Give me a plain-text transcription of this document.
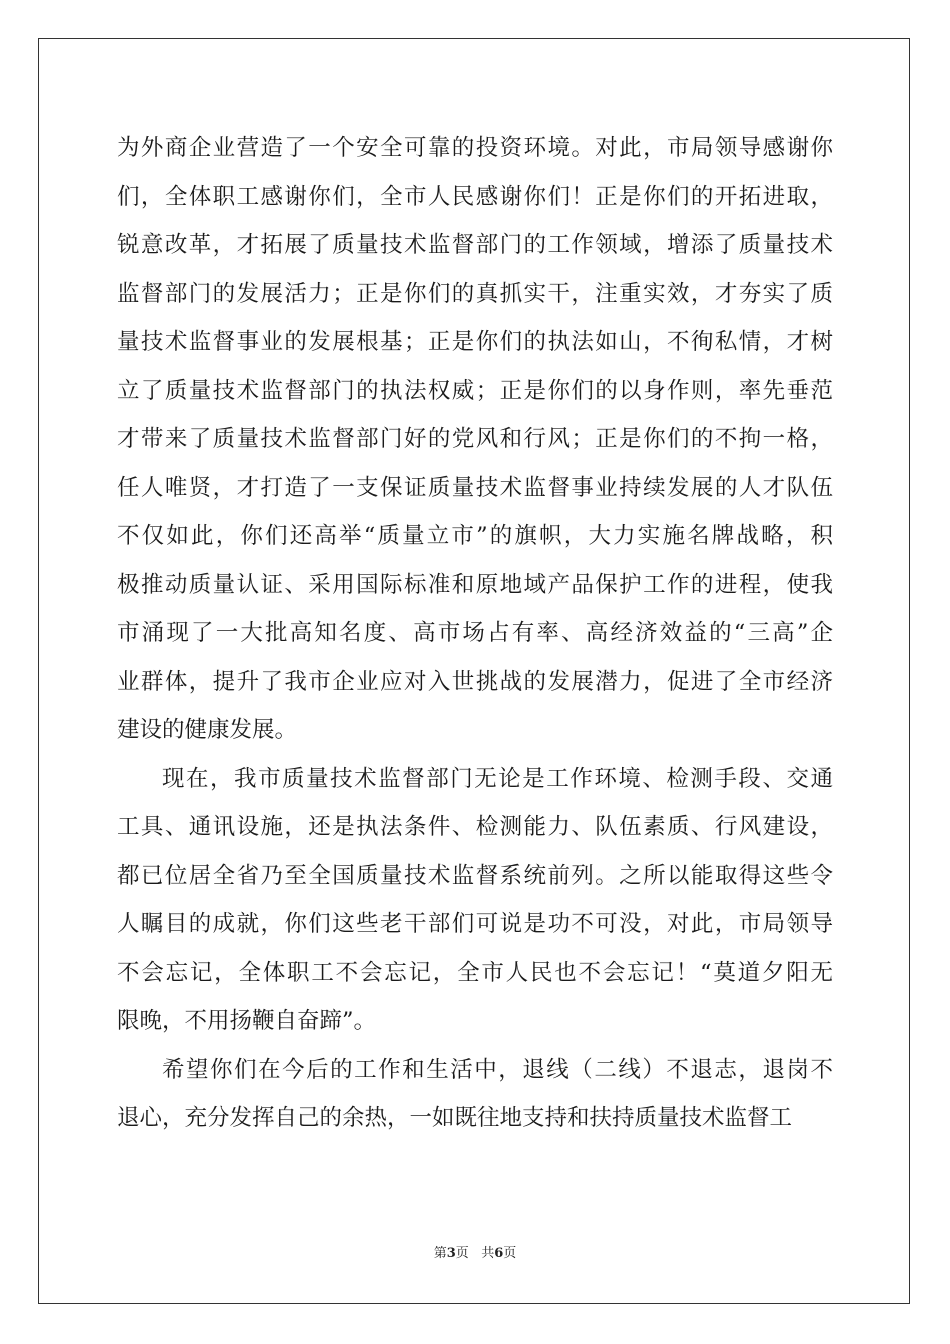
为外商企业营造了一个安全可靠的投资环境。对此，市局领导感谢你
们，全体职工感谢你们，全市人民感谢你们！正是你们的开拓进取，
锐意改革，才拓展了质量技术监督部门的工作领域，增添了质量技术
监督部门的发展活力；正是你们的真抓实干，注重实效，才夯实了质
量技术监督事业的发展根基；正是你们的执法如山，不徇私情，才树
立了质量技术监督部门的执法权威；正是你们的以身作则，率先垂范
才带来了质量技术监督部门好的党风和行风；正是你们的不拘一格，
任人唯贤，才打造了一支保证质量技术监督事业持续发展的人才队伍
不仅如此，你们还高举“质量立市”的旗帜，大力实施名牌战略，积
极推动质量认证、采用国际标准和原地域产品保护工作的进程，使我
市涌现了一大批高知名度、高市场占有率、高经济效益的“三高”企
业群体，提升了我市企业应对入世挑战的发展潜力，促进了全市经济
建设的健康发展。
现在，我市质量技术监督部门无论是工作环境、检测手段、交通
工具、通讯设施，还是执法条件、检测能力、队伍素质、行风建设，
都已位居全省乃至全国质量技术监督系统前列。之所以能取得这些令
人瞩目的成就，你们这些老干部们可说是功不可没，对此，市局领导
不会忘记，全体职工不会忘记，全市人民也不会忘记！“莫道夕阳无
限晚，不用扬鞭自奋蹄”。
希望你们在今后的工作和生活中，退线（二线）不退志，退岗不
退心，充分发挥自己的余热，一如既往地支持和扶持质量技术监督工
第3页 共6页
